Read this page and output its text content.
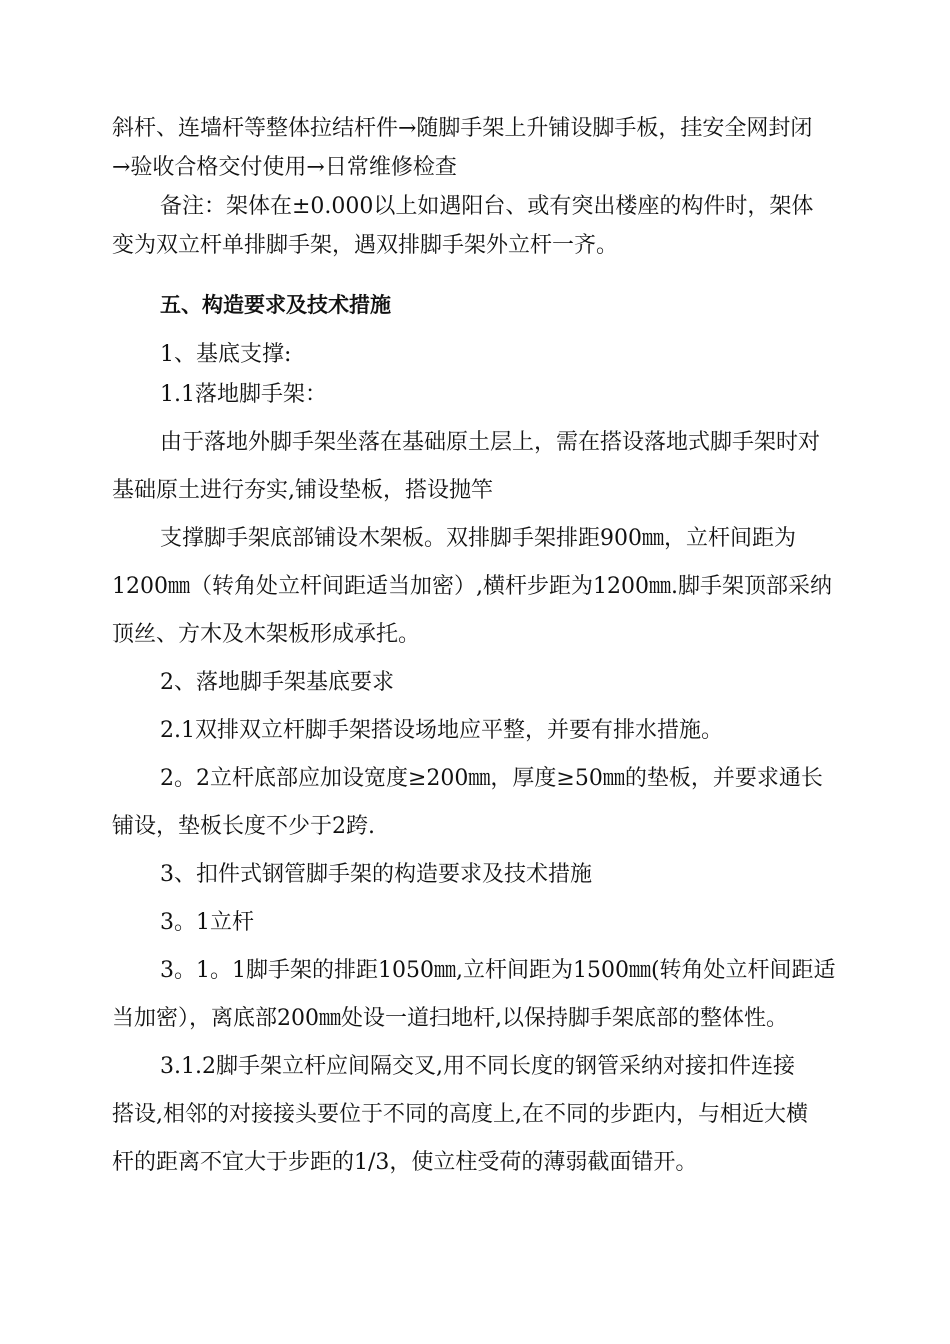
斜杆、连墙杆等整体拉结杆件→随脚手架上升铺设脚手板，挂安全网封闭
→验收合格交付使用→日常维修检查
备注：架体在±0.000以上如遇阳台、或有突出楼座的构件时，架体
变为双立杆单排脚手架，遇双排脚手架外立杆一齐。
五、构造要求及技术措施
1、基底支撑:
1.1落地脚手架：
由于落地外脚手架坐落在基础原土层上，需在搭设落地式脚手架时对
基础原土进行夯实,铺设垫板，搭设抛竿
支撑脚手架底部铺设木架板。双排脚手架排距900㎜，立杆间距为
1200㎜（转角处立杆间距适当加密）,横杆步距为1200㎜.脚手架顶部采纳
顶丝、方木及木架板形成承托。
2、落地脚手架基底要求
2.1双排双立杆脚手架搭设场地应平整，并要有排水措施。
2。2立杆底部应加设宽度≥200㎜，厚度≥50㎜的垫板，并要求通长
铺设，垫板长度不少于2跨.
3、扣件式钢管脚手架的构造要求及技术措施
3。1立杆
3。1。1脚手架的排距1050㎜,立杆间距为1500㎜(转角处立杆间距适
当加密），离底部200㎜处设一道扫地杆,以保持脚手架底部的整体性。
3.1.2脚手架立杆应间隔交叉,用不同长度的钢管采纳对接扣件连接
搭设,相邻的对接接头要位于不同的高度上,在不同的步距内，与相近大横
杆的距离不宜大于步距的1/3，使立柱受荷的薄弱截面错开。
